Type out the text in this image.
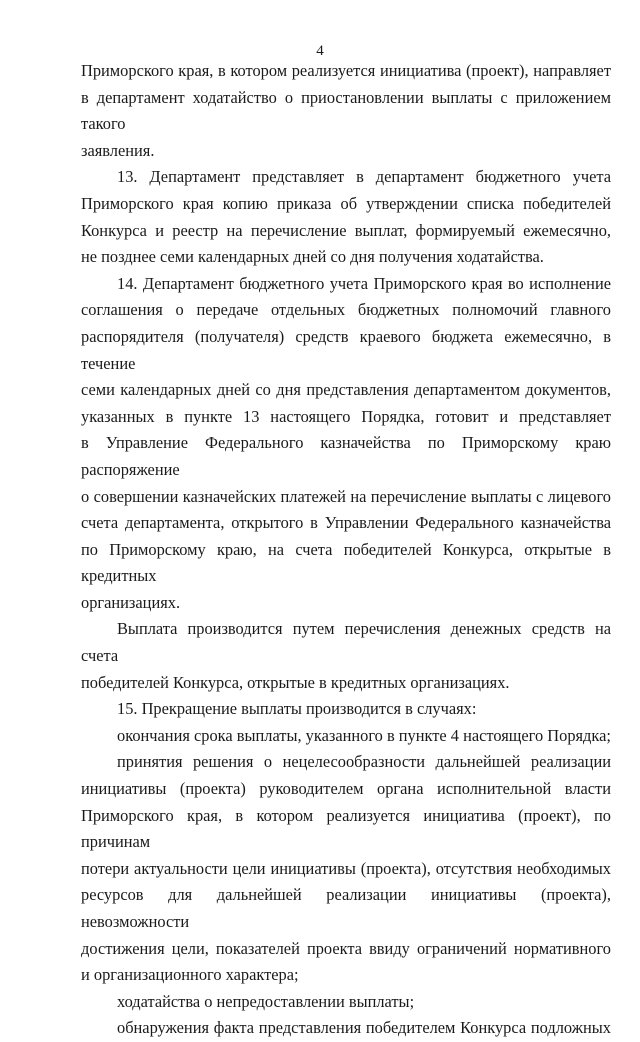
4

Приморского края, в котором реализуется инициатива (проект), направляет

в департамент ходатайство о приостановлении выплаты с приложением такого

заявления.

13. Департамент представляет в департамент бюджетного учета

Приморского края копию приказа об утверждении списка победителей

Конкурса и реестр на перечисление выплат, формируемый ежемесячно,

не позднее семи календарных дней со дня получения ходатайства.

14. Департамент бюджетного учета Приморского края во исполнение

соглашения о передаче отдельных бюджетных полномочий главного

распорядителя (получателя) средств краевого бюджета ежемесячно, в течение

семи календарных дней со дня представления департаментом документов,

указанных в пункте 13 настоящего Порядка, готовит и представляет

в Управление Федерального казначейства по Приморскому краю распоряжение

о совершении казначейских платежей на перечисление выплаты с лицевого

счета департамента, открытого в Управлении Федерального казначейства

по Приморскому краю, на счета победителей Конкурса, открытые в кредитных

организациях.

Выплата производится путем перечисления денежных средств на счета

победителей Конкурса, открытые в кредитных организациях.

15. Прекращение выплаты производится в случаях:

окончания срока выплаты, указанного в пункте 4 настоящего Порядка;

принятия решения о нецелесообразности дальнейшей реализации

инициативы (проекта) руководителем органа исполнительной власти

Приморского края, в котором реализуется инициатива (проект), по причинам

потери актуальности цели инициативы (проекта), отсутствия необходимых

ресурсов для дальнейшей реализации инициативы (проекта), невозможности

достижения цели, показателей проекта ввиду ограничений нормативного

и организационного характера;

ходатайства о непредоставлении выплаты;

обнаружения факта представления победителем Конкурса подложных
